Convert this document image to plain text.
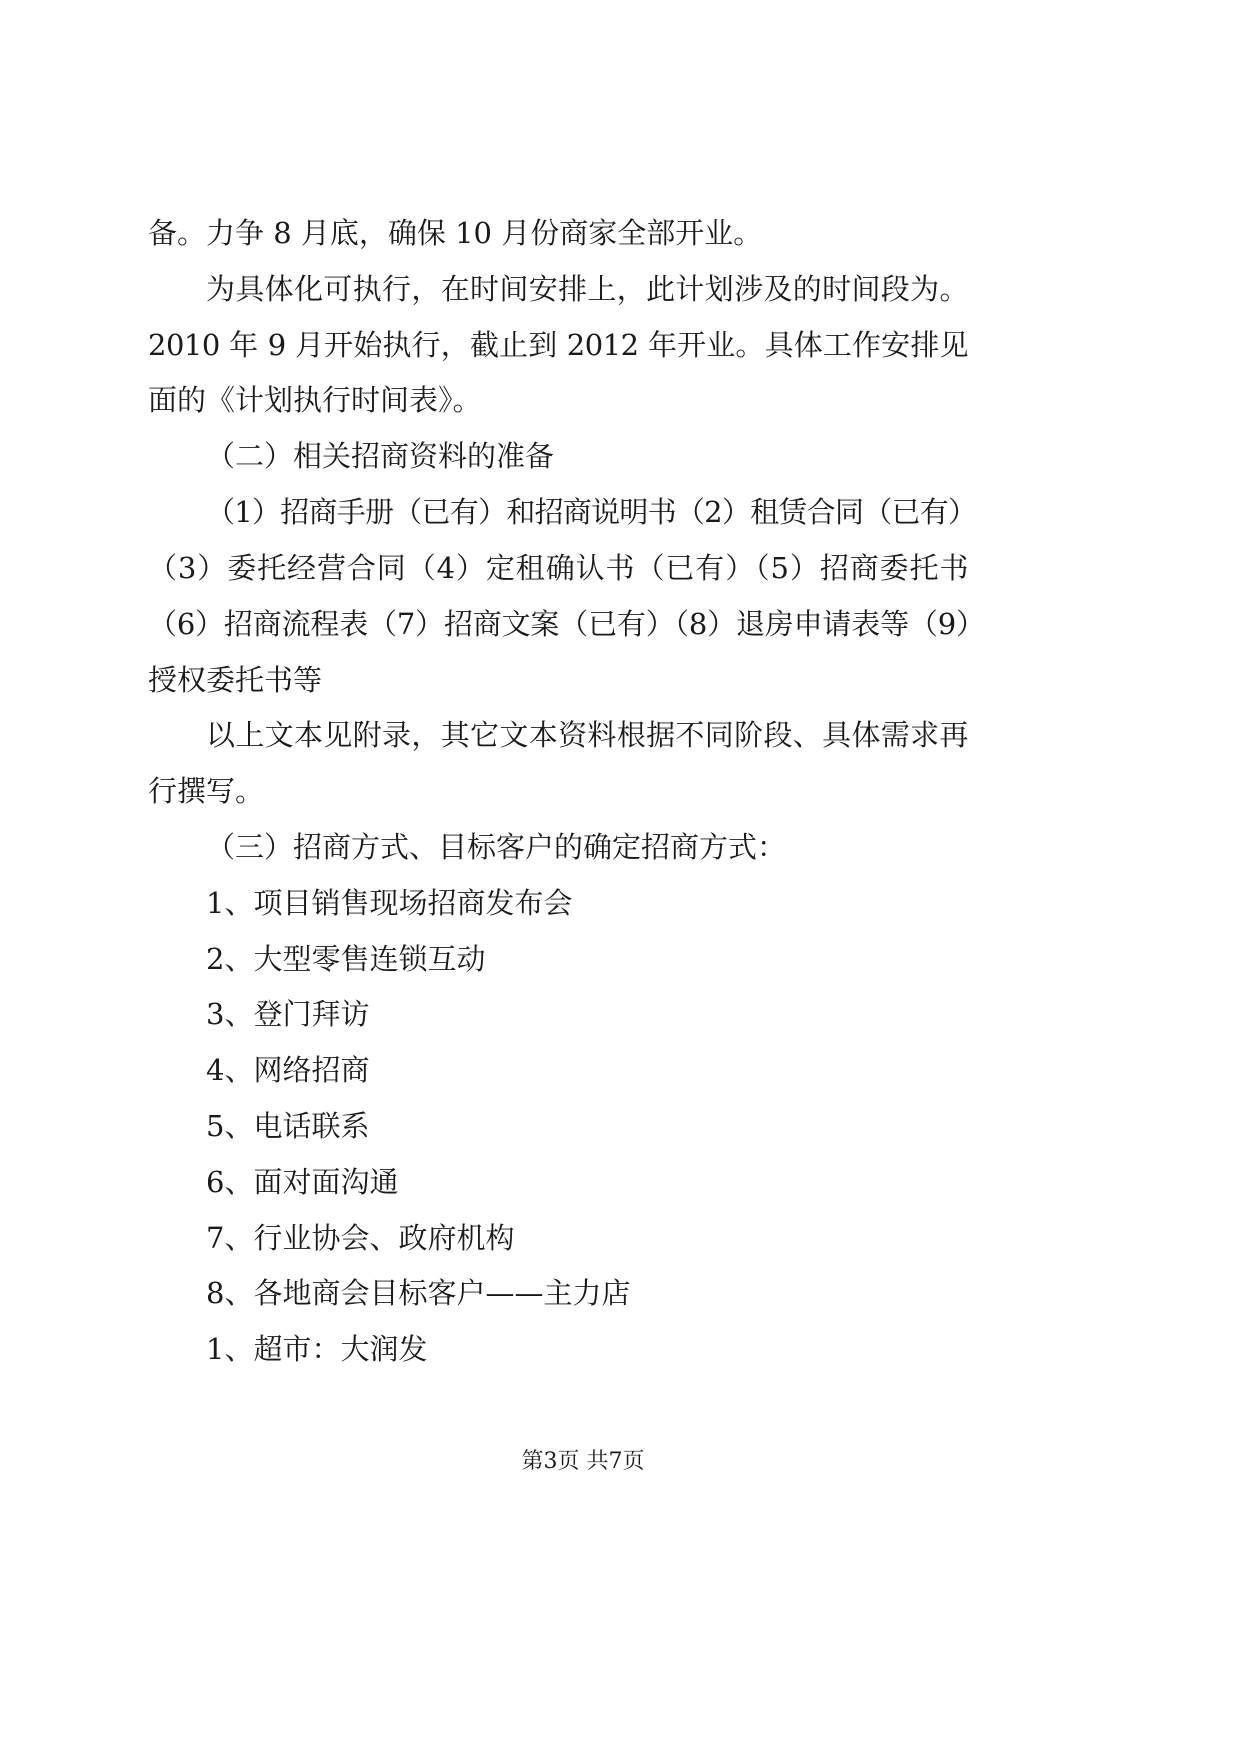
备。力争 8 月底，确保 10 月份商家全部开业。
为具体化可执行，在时间安排上，此计划涉及的时间段为。
2010 年 9 月开始执行，截止到 2012 年开业。具体工作安排见
面的《计划执行时间表》。
（二）相关招商资料的准备
（1）招商手册（已有）和招商说明书（2）租赁合同（已有）
（3）委托经营合同（4）定租确认书（已有）（5）招商委托书
（6）招商流程表（7）招商文案（已有）（8）退房申请表等（9）
授权委托书等
以上文本见附录，其它文本资料根据不同阶段、具体需求再
行撰写。
（三）招商方式、目标客户的确定招商方式：
1、项目销售现场招商发布会
2、大型零售连锁互动
3、登门拜访
4、网络招商
5、电话联系
6、面对面沟通
7、行业协会、政府机构
8、各地商会目标客户——主力店
1、超市：大润发
第3页 共7页
